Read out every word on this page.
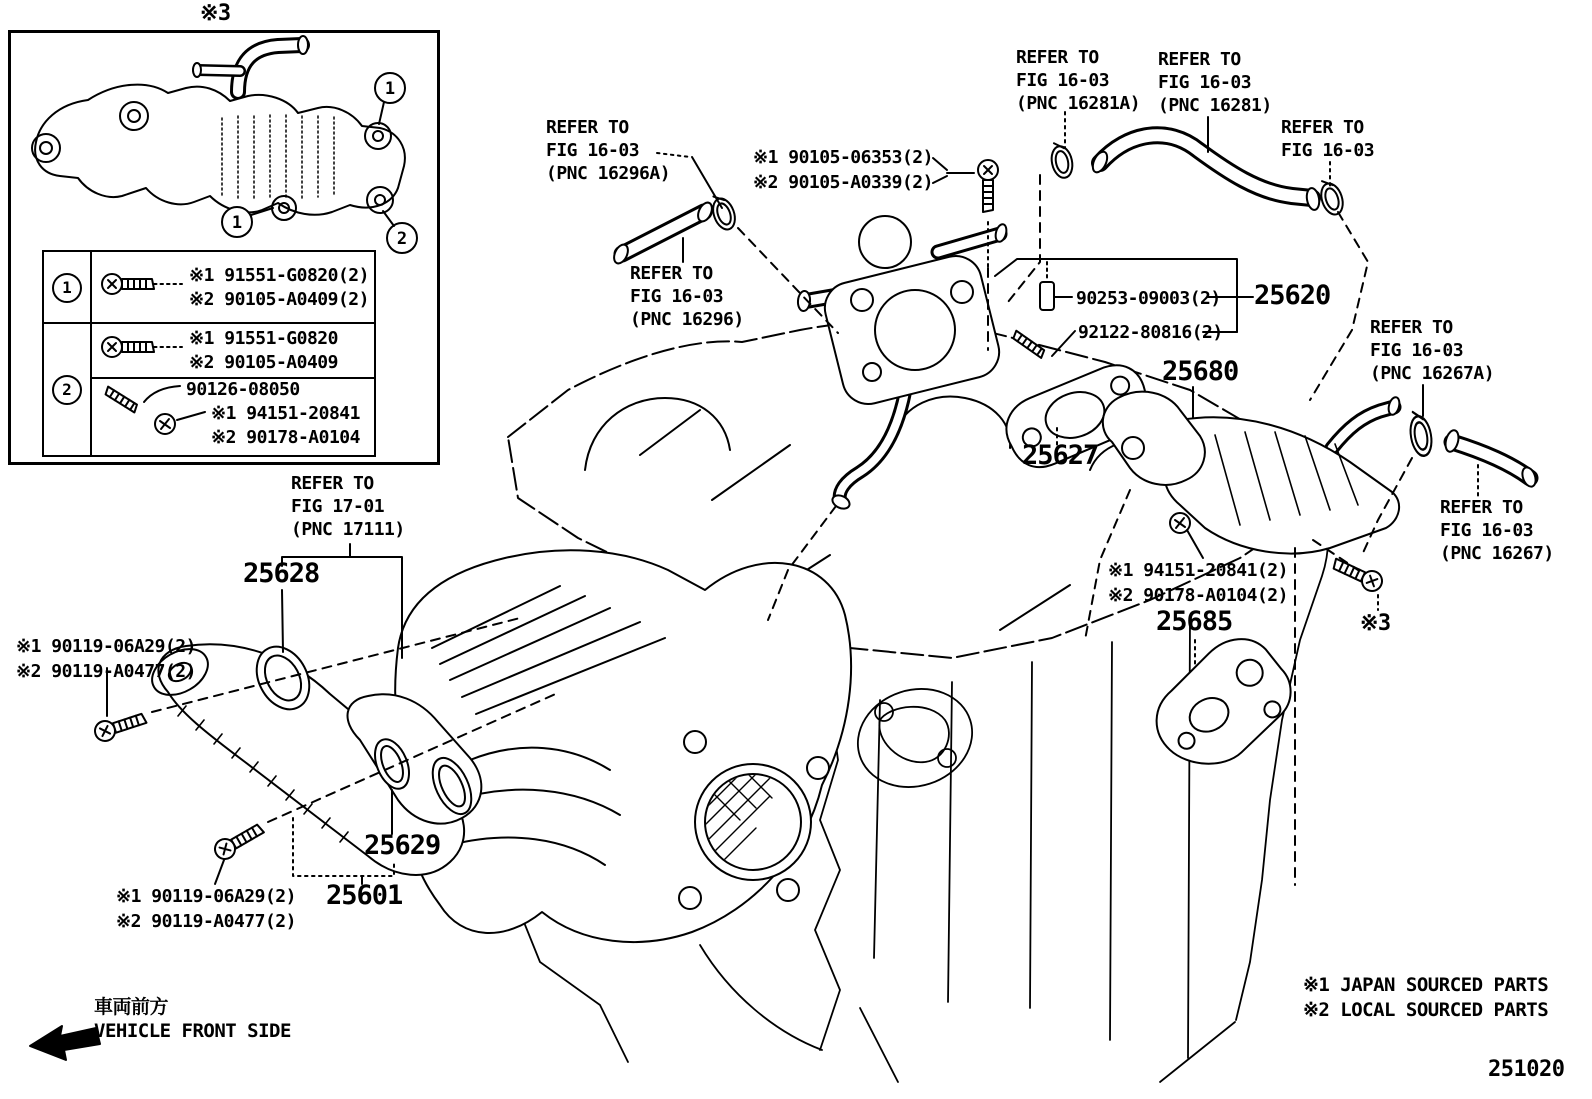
1
1
2
※3
1
2
※1 91551-G0820(2)
※2 90105-A0409(2)
※1 91551-G0820
※2 90105-A0409
90126-08050
※1 94151-20841
※2 90178-A0104
REFER TO
FIG 16-03
(PNC 16296A)
REFER TO
FIG 16-03
(PNC 16296)
REFER TO
FIG 16-03
(PNC 16281A)
REFER TO
FIG 16-03
(PNC 16281)
REFER TO
FIG 16-03
REFER TO
FIG 16-03
(PNC 16267A)
REFER TO
FIG 16-03
(PNC 16267)
REFER TO
FIG 17-01
(PNC 17111)
※1 90105-06353(2)
※2 90105-A0339(2)
90253-09003(2)
92122-80816(2)
25620
25680
25627
※1 94151-20841(2)
※2 90178-A0104(2)
25685	※3
25628
※1 90119-06A29(2)
※2 90119-A0477(2)
※1 90119-06A29(2)
※2 90119-A0477(2)
25629
25601
車両前方
VEHICLE FRONT SIDE
※1 JAPAN SOURCED PARTS
※2 LOCAL SOURCED PARTS
251020
